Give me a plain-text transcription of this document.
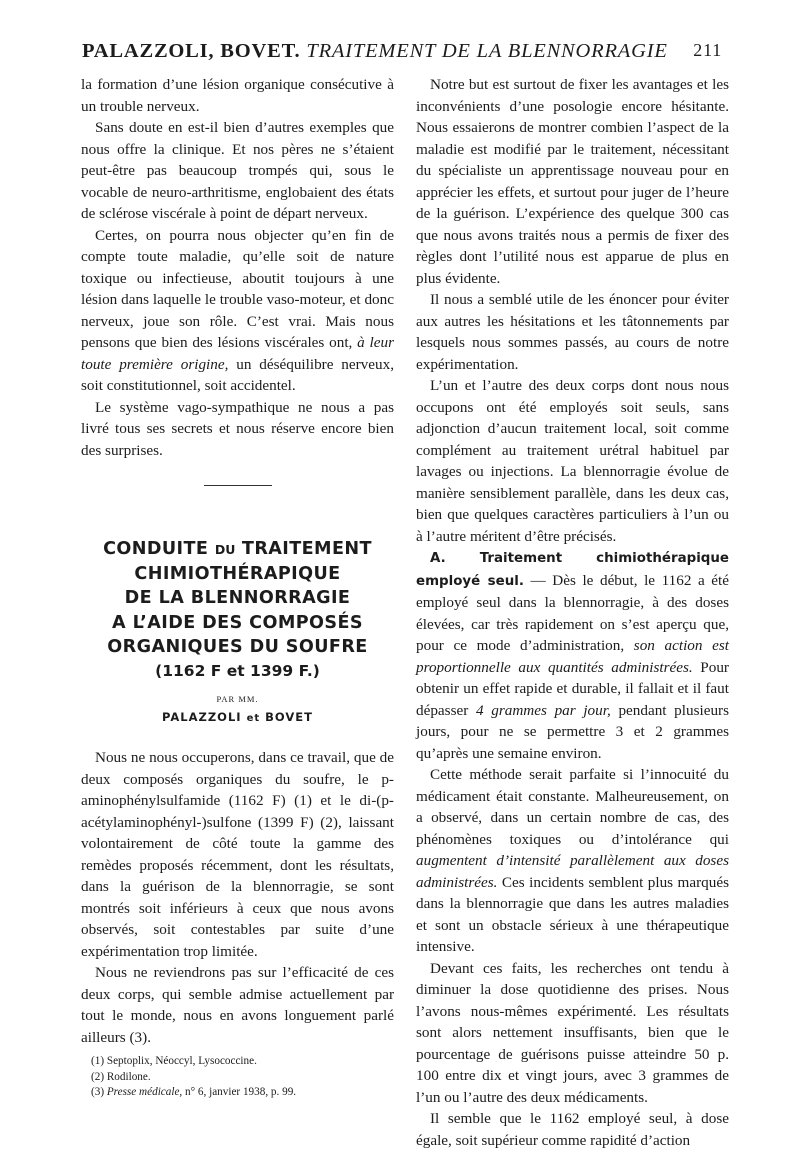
PALAZZOLI, BOVET. TRAITEMENT DE LA BLENNORRAGIE 211

la formation d’une lésion organique consécutive à un trouble nerveux.

Sans doute en est-il bien d’autres exemples que nous offre la clinique. Et nos pères ne s’étaient peut-être pas beaucoup trompés qui, sous le vocable de neuro-arthritisme, englobaient des états de sclérose viscérale à point de départ nerveux.

Certes, on pourra nous objecter qu’en fin de compte toute maladie, qu’elle soit de nature toxique ou infectieuse, aboutit toujours à une lésion dans laquelle le trouble vaso-moteur, et donc nerveux, joue son rôle. C’est vrai. Mais nous pensons que bien des lésions viscérales ont, à leur toute première origine, un déséquilibre nerveux, soit constitutionnel, soit accidentel.

Le système vago-sympathique ne nous a pas livré tous ses secrets et nous réserve encore bien des surprises.

CONDUITE DU TRAITEMENT
CHIMIOTHÉRAPIQUE
DE LA BLENNORRAGIE
A L’AIDE DES COMPOSÉS
ORGANIQUES DU SOUFRE
(1162 F et 1399 F.)
PAR MM.
PALAZZOLI et BOVET

Nous ne nous occuperons, dans ce travail, que de deux composés organiques du soufre, le p-aminophénylsulfamide (1162 F) (1) et le di-(p-acétylaminophényl-)sulfone (1399 F) (2), laissant volontairement de côté toute la gamme des remèdes proposés récemment, dont les résultats, dans la guérison de la blennorragie, se sont montrés soit inférieurs à ceux que nous avons observés, soit contestables par suite d’une expérimentation trop limitée.

Nous ne reviendrons pas sur l’efficacité de ces deux corps, qui semble admise actuellement par tout le monde, nous en avons longuement parlé ailleurs (3).

(1) Septoplix, Néoccyl, Lysococcine.
(2) Rodilone.
(3) Presse médicale, n° 6, janvier 1938, p. 99.

Notre but est surtout de fixer les avantages et les inconvénients d’une posologie encore hésitante. Nous essaierons de montrer combien l’aspect de la maladie est modifié par le traitement, nécessitant du spécialiste un apprentissage nouveau pour en apprécier les effets, et surtout pour juger de l’heure de la guérison. L’expérience des quelque 300 cas que nous avons traités nous a permis de fixer des règles dont l’utilité nous est apparue de plus en plus évidente.

Il nous a semblé utile de les énoncer pour éviter aux autres les hésitations et les tâtonnements par lesquels nous sommes passés, au cours de notre expérimentation.

L’un et l’autre des deux corps dont nous nous occupons ont été employés soit seuls, sans adjonction d’aucun traitement local, soit comme complément au traitement urétral habituel par lavages ou injections. La blennorragie évolue de manière sensiblement parallèle, dans les deux cas, bien que quelques caractères particuliers à l’un ou à l’autre méritent d’être précisés.

A. Traitement chimiothérapique employé seul. — Dès le début, le 1162 a été employé seul dans la blennorragie, à des doses élevées, car très rapidement on s’est aperçu que, pour ce mode d’administration, son action est proportionnelle aux quantités administrées. Pour obtenir un effet rapide et durable, il fallait et il faut dépasser 4 grammes par jour, pendant plusieurs jours, pour ne se permettre 3 et 2 grammes qu’après une semaine environ.

Cette méthode serait parfaite si l’innocuité du médicament était constante. Malheureusement, on a observé, dans un certain nombre de cas, des phénomènes toxiques ou d’intolérance qui augmentent d’intensité parallèlement aux doses administrées. Ces incidents semblent plus marqués dans la blennorragie que dans les autres maladies et sont un obstacle sérieux à une thérapeutique intensive.

Devant ces faits, les recherches ont tendu à diminuer la dose quotidienne des prises. Nous l’avons nous-mêmes expérimenté. Les résultats sont alors nettement insuffisants, bien que le pourcentage de guérisons puisse atteindre 50 p. 100 entre dix et vingt jours, avec 3 grammes de l’un ou l’autre des deux médicaments.

Il semble que le 1162 employé seul, à dose égale, soit supérieur comme rapidité d’action
